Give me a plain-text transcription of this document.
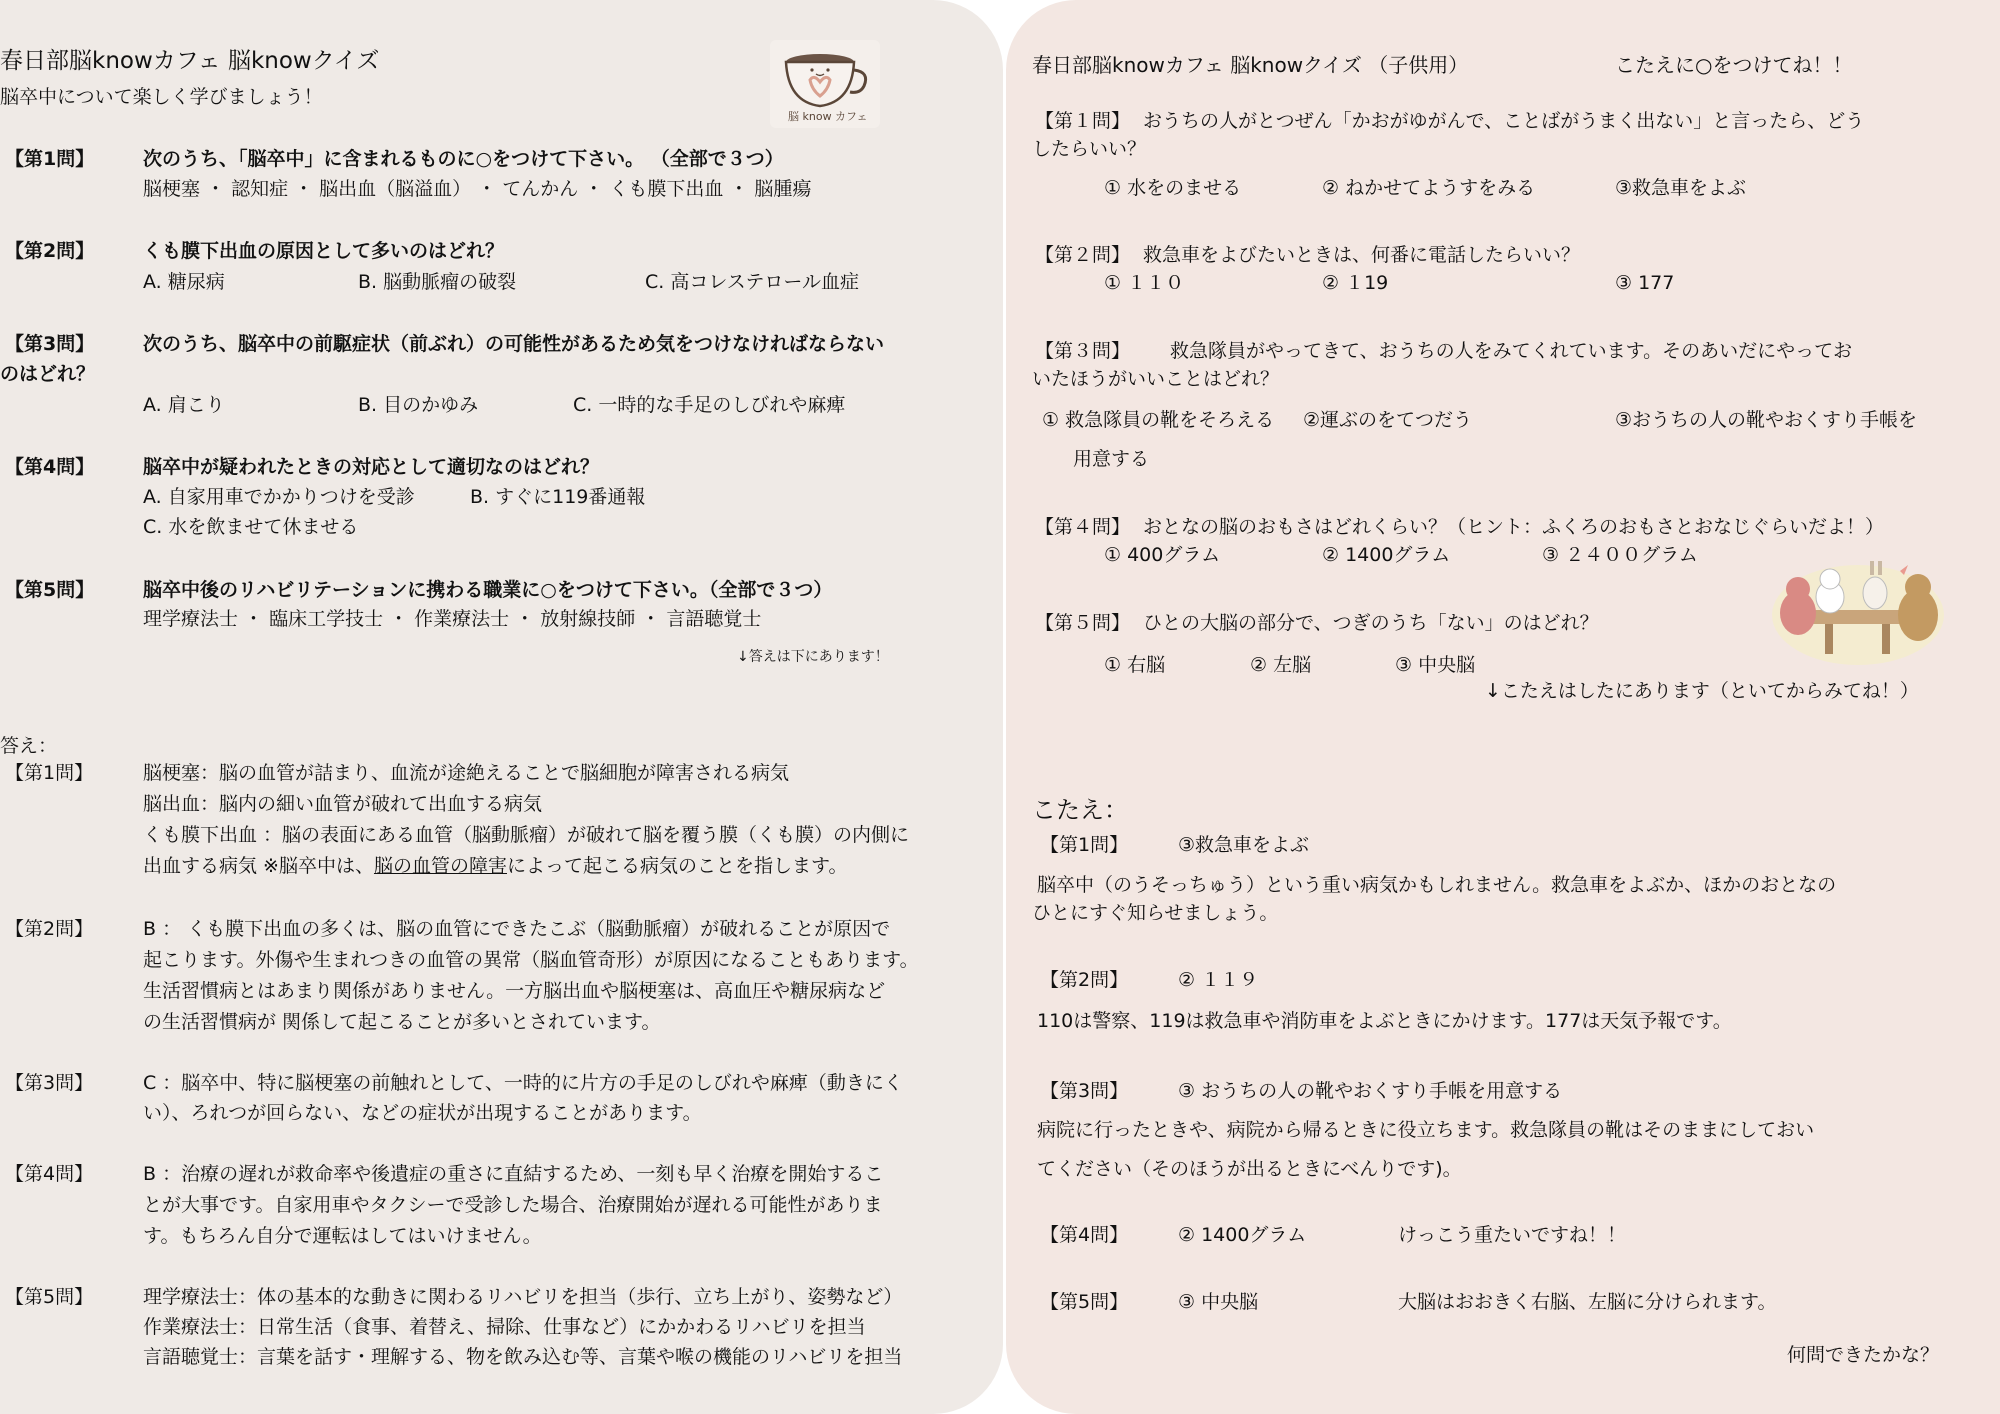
春日部脳knowカフェ 脳knowクイズ
脳卒中について楽しく学びましょう！
脳 know カフェ
【第1問】	次のうち、「脳卒中」に含まれるものに○をつけて下さい。 （全部で３つ）
脳梗塞 ・ 認知症 ・ 脳出血（脳溢血） ・ てんかん ・ くも膜下出血 ・ 脳腫瘍
【第2問】	くも膜下出血の原因として多いのはどれ？
A. 糖尿病	B. 脳動脈瘤の破裂	C. 高コレステロール血症
【第3問】	次のうち、脳卒中の前駆症状（前ぶれ）の可能性があるため気をつけなければならない
のはどれ？
A. 肩こり	B. 目のかゆみ	C. 一時的な手足のしびれや麻痺
【第4問】	脳卒中が疑われたときの対応として適切なのはどれ？
A. 自家用車でかかりつけを受診	B. すぐに119番通報
C. 水を飲ませて休ませる
【第5問】	脳卒中後のリハビリテーションに携わる職業に○をつけて下さい。（全部で３つ）
理学療法士 ・ 臨床工学技士 ・ 作業療法士 ・ 放射線技師 ・ 言語聴覚士
↓答えは下にあります！
答え：
【第1問】	脳梗塞：脳の血管が詰まり、血流が途絶えることで脳細胞が障害される病気
脳出血：脳内の細い血管が破れて出血する病気
くも膜下出血 ：脳の表面にある血管（脳動脈瘤）が破れて脳を覆う膜（くも膜）の内側に
出血する病気 ※脳卒中は、脳の血管の障害によって起こる病気のことを指します。
【第2問】	B ： くも膜下出血の多くは、脳の血管にできたこぶ（脳動脈瘤）が破れることが原因で
起こります。外傷や生まれつきの血管の異常（脳血管奇形）が原因になることもあります。
生活習慣病とはあまり関係がありません。一方脳出血や脳梗塞は、高血圧や糖尿病など
の生活習慣病が 関係して起こることが多いとされています。
【第3問】	C ：脳卒中、特に脳梗塞の前触れとして、一時的に片方の手足のしびれや麻痺（動きにく
い）、ろれつが回らない、などの症状が出現することがあります。
【第4問】	B ：治療の遅れが救命率や後遺症の重さに直結するため、一刻も早く治療を開始するこ
とが大事です。自家用車やタクシーで受診した場合、治療開始が遅れる可能性がありま
す。もちろん自分で運転はしてはいけません。
【第5問】	理学療法士：体の基本的な動きに関わるリハビリを担当（歩行、立ち上がり、姿勢など）
作業療法士：日常生活（食事、着替え、掃除、仕事など）にかかわるリハビリを担当
言語聴覚士：言葉を話す・理解する、物を飲み込む等、言葉や喉の機能のリハビリを担当
春日部脳knowカフェ 脳knowクイズ （子供用）	こたえに○をつけてね！！
【第１問】 おうちの人がとつぜん「かおがゆがんで、ことばがうまく出ない」と言ったら、どう
したらいい？
① 水をのませる	② ねかせてようすをみる	③救急車をよぶ
【第２問】 救急車をよびたいときは、何番に電話したらいい？
① １１０	② １19	③ 177
【第３問】 救急隊員がやってきて、おうちの人をみてくれています。そのあいだにやってお
いたほうがいいことはどれ？
① 救急隊員の靴をそろえる ②運ぶのをてつだう	③おうちの人の靴やおくすり手帳を
用意する
【第４問】 おとなの脳のおもさはどれくらい？（ヒント：ふくろのおもさとおなじぐらいだよ！）
① 400グラム	② 1400グラム	③ ２４００グラム
【第５問】 ひとの大脳の部分で、つぎのうち「ない」のはどれ？
① 右脳	② 左脳	③ 中央脳
↓こたえはしたにあります（といてからみてね！）
こたえ：
【第1問】	③救急車をよぶ
脳卒中（のうそっちゅう）という重い病気かもしれません。救急車をよぶか、ほかのおとなの
ひとにすぐ知らせましょう。
【第2問】	② １１９
110は警察、119は救急車や消防車をよぶときにかけます。177は天気予報です。
【第3問】	③ おうちの人の靴やおくすり手帳を用意する
病院に行ったときや、病院から帰るときに役立ちます。救急隊員の靴はそのままにしておい
てください（そのほうが出るときにべんりです)。
【第4問】	② 1400グラム	けっこう重たいですね！！
【第5問】	③ 中央脳	大脳はおおきく右脳、左脳に分けられます。
何問できたかな？
